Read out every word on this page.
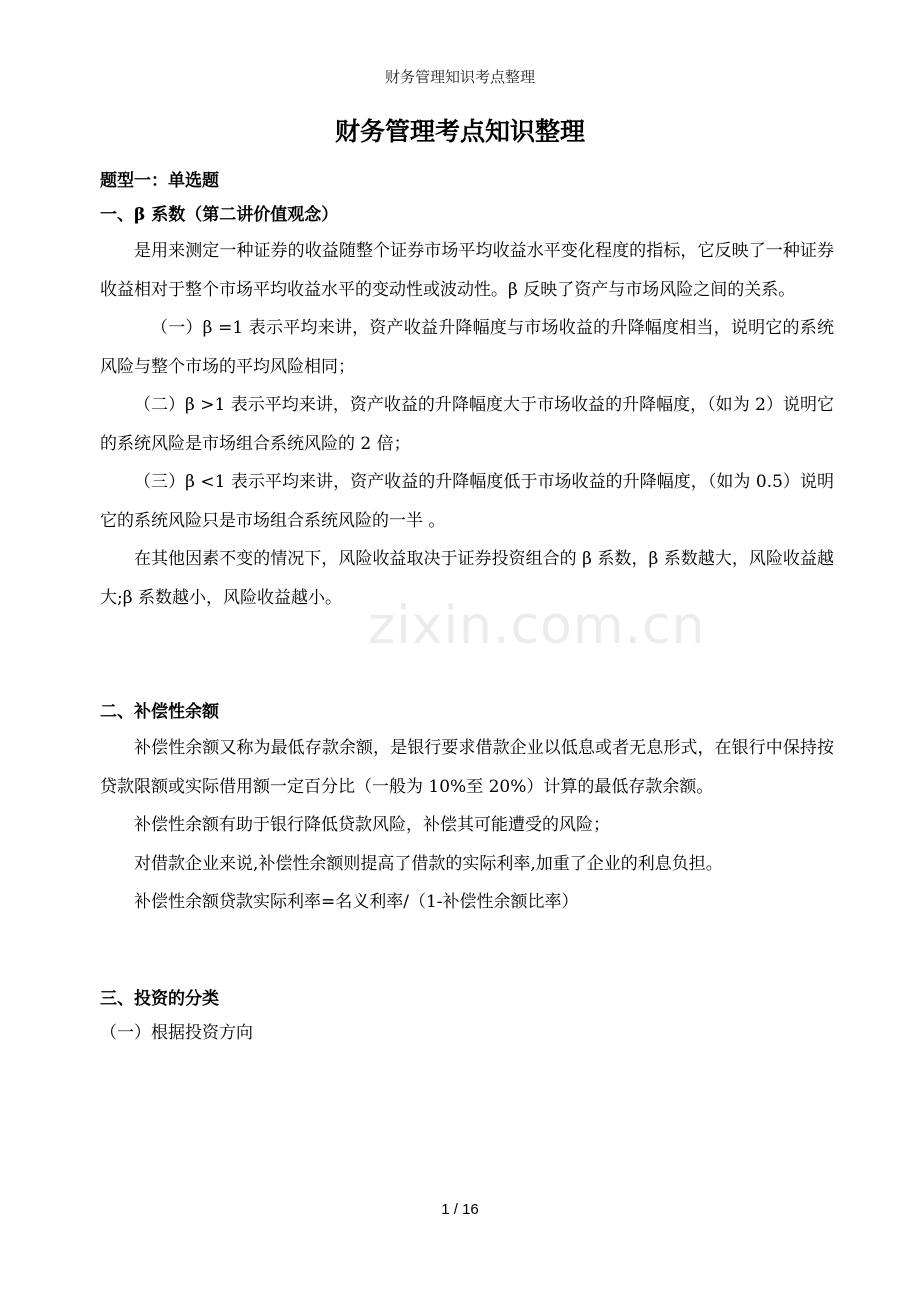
财务管理知识考点整理
财务管理考点知识整理

题型一：单选题

一、β 系数（第二讲价值观念）

是用来测定一种证券的收益随整个证券市场平均收益水平变化程度的指标，它反映了一种证券收益相对于整个市场平均收益水平的变动性或波动性。β 反映了资产与市场风险之间的关系。

（一）β =1 表示平均来讲，资产收益升降幅度与市场收益的升降幅度相当，说明它的系统风险与整个市场的平均风险相同；

（二）β >1 表示平均来讲，资产收益的升降幅度大于市场收益的升降幅度，（如为 2）说明它的系统风险是市场组合系统风险的 2 倍；

（三）β <1 表示平均来讲，资产收益的升降幅度低于市场收益的升降幅度，（如为 0.5）说明它的系统风险只是市场组合系统风险的一半 。

在其他因素不变的情况下，风险收益取决于证券投资组合的 β 系数，β 系数越大，风险收益越大;β 系数越小，风险收益越小。

二、补偿性余额

补偿性余额又称为最低存款余额，是银行要求借款企业以低息或者无息形式，在银行中保持按贷款限额或实际借用额一定百分比（一般为 10%至 20%）计算的最低存款余额。

补偿性余额有助于银行降低贷款风险，补偿其可能遭受的风险；

对借款企业来说,补偿性余额则提高了借款的实际利率,加重了企业的利息负担。

补偿性余额贷款实际利率=名义利率/（1-补偿性余额比率）

三、投资的分类

（一）根据投资方向

zixin.com.cn
1 / 16
